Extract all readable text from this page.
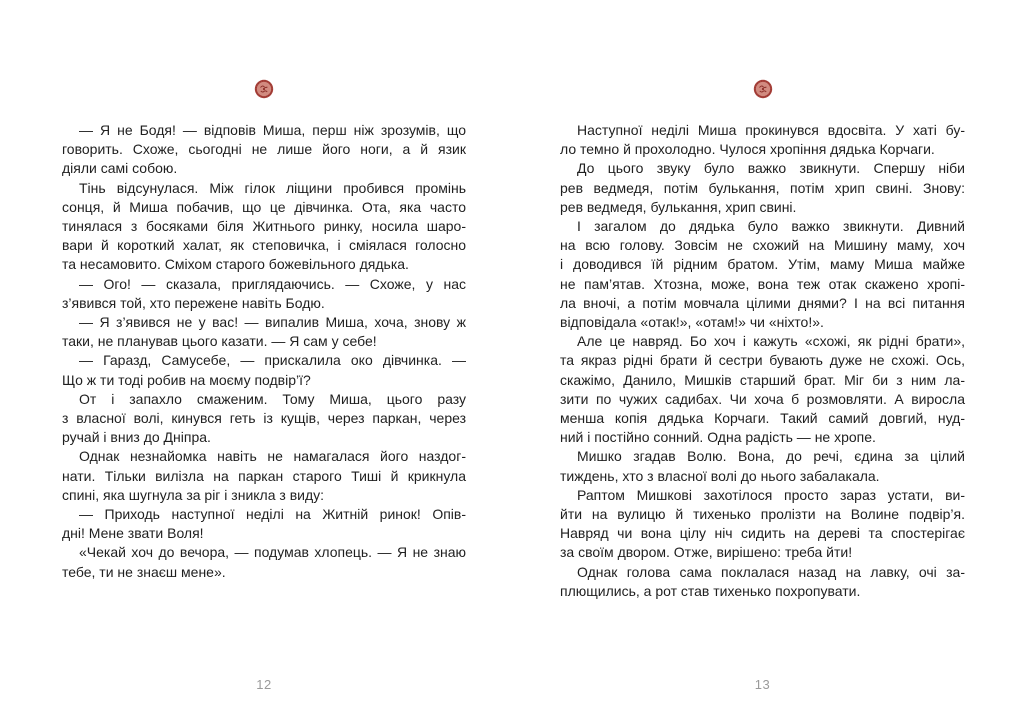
— Я не Бодя! — відповів Миша, перш ніж зрозумів, що
говорить. Схоже, сьогодні не лише його ноги, а й язик
діяли самі собою.
Тінь відсунулася. Між гілок ліщини пробився промінь
сонця, й Миша побачив, що це дівчинка. Ота, яка часто
тинялася з босяками біля Житнього ринку, носила шаро-
вари й короткий халат, як степовичка, і сміялася голосно
та несамовито. Сміхом старого божевільного дядька.
— Ого! — сказала, приглядаючись. — Схоже, у нас
з’явився той, хто пережене навіть Бодю.
— Я з’явився не у вас! — випалив Миша, хоча, знову ж
таки, не планував цього казати. — Я сам у себе!
— Гаразд, Самусебе, — прискалила око дівчинка. —
Що ж ти тоді робив на моєму подвір’ї?
От і запахло смаженим. Тому Миша, цього разу
з власної волі, кинувся геть із кущів, через паркан, через
ручай і вниз до Дніпра.
Однак незнайомка навіть не намагалася його наздог-
нати. Тільки вилізла на паркан старого Тиші й крикнула
спині, яка шугнула за ріг і зникла з виду:
— Приходь наступної неділі на Житній ринок! Опів-
дні! Мене звати Воля!
«Чекай хоч до вечора, — подумав хлопець. — Я не знаю
тебе, ти не знаєш мене».
12
Наступної неділі Миша прокинувся вдосвіта. У хаті бу-
ло темно й прохолодно. Чулося хропіння дядька Корчаги.
До цього звуку було важко звикнути. Спершу ніби
рев ведмедя, потім булькання, потім хрип свині. Знову:
рев ведмедя, булькання, хрип свині.
І загалом до дядька було важко звикнути. Дивний
на всю голову. Зовсім не схожий на Мишину маму, хоч
і доводився їй рідним братом. Утім, маму Миша майже
не пам’ятав. Хтозна, може, вона теж отак скажено хропі-
ла вночі, а потім мовчала цілими днями? І на всі питання
відповідала «отак!», «отам!» чи «ніхто!».
Але це навряд. Бо хоч і кажуть «схожі, як рідні брати»,
та якраз рідні брати й сестри бувають дуже не схожі. Ось,
скажімо, Данило, Мишків старший брат. Міг би з ним ла-
зити по чужих садибах. Чи хоча б розмовляти. А виросла
менша копія дядька Корчаги. Такий самий довгий, нуд-
ний і постійно сонний. Одна радість — не хропе.
Мишко згадав Волю. Вона, до речі, єдина за цілий
тиждень, хто з власної волі до нього забалакала.
Раптом Мишкові захотілося просто зараз устати, ви-
йти на вулицю й тихенько пролізти на Волине подвір’я.
Навряд чи вона цілу ніч сидить на дереві та спостерігає
за своїм двором. Отже, вирішено: треба йти!
Однак голова сама поклалася назад на лавку, очі за-
плющились, а рот став тихенько похропувати.
13
